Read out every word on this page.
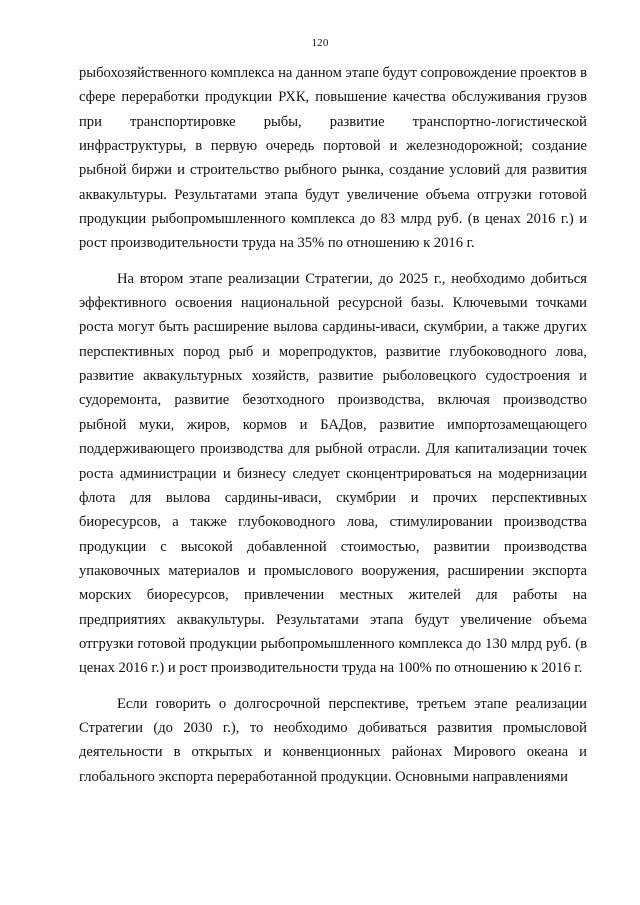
120

рыбохозяйственного комплекса на данном этапе будут сопровождение проектов в сфере переработки продукции РХК, повышение качества обслуживания грузов при транспортировке рыбы, развитие транспортно-логистической инфраструктуры, в первую очередь портовой и железнодорожной; создание рыбной биржи и строительство рыбного рынка, создание условий для развития аквакультуры. Результатами этапа будут увеличение объема отгрузки готовой продукции рыбопромышленного комплекса до 83 млрд руб. (в ценах 2016 г.) и рост производительности труда на 35% по отношению к 2016 г.

На втором этапе реализации Стратегии, до 2025 г., необходимо добиться эффективного освоения национальной ресурсной базы. Ключевыми точками роста могут быть расширение вылова сардины-иваси, скумбрии, а также других перспективных пород рыб и морепродуктов, развитие глубоководного лова, развитие аквакультурных хозяйств, развитие рыболовецкого судостроения и судоремонта, развитие безотходного производства, включая производство рыбной муки, жиров, кормов и БАДов, развитие импортозамещающего поддерживающего производства для рыбной отрасли. Для капитализации точек роста администрации и бизнесу следует сконцентрироваться на модернизации флота для вылова сардины-иваси, скумбрии и прочих перспективных биоресурсов, а также глубоководного лова, стимулировании производства продукции с высокой добавленной стоимостью, развитии производства упаковочных материалов и промыслового вооружения, расширении экспорта морских биоресурсов, привлечении местных жителей для работы на предприятиях аквакультуры. Результатами этапа будут увеличение объема отгрузки готовой продукции рыбопромышленного комплекса до 130 млрд руб. (в ценах 2016 г.) и рост производительности труда на 100% по отношению к 2016 г.

Если говорить о долгосрочной перспективе, третьем этапе реализации Стратегии (до 2030 г.), то необходимо добиваться развития промысловой деятельности в открытых и конвенционных районах Мирового океана и глобального экспорта переработанной продукции. Основными направлениями
